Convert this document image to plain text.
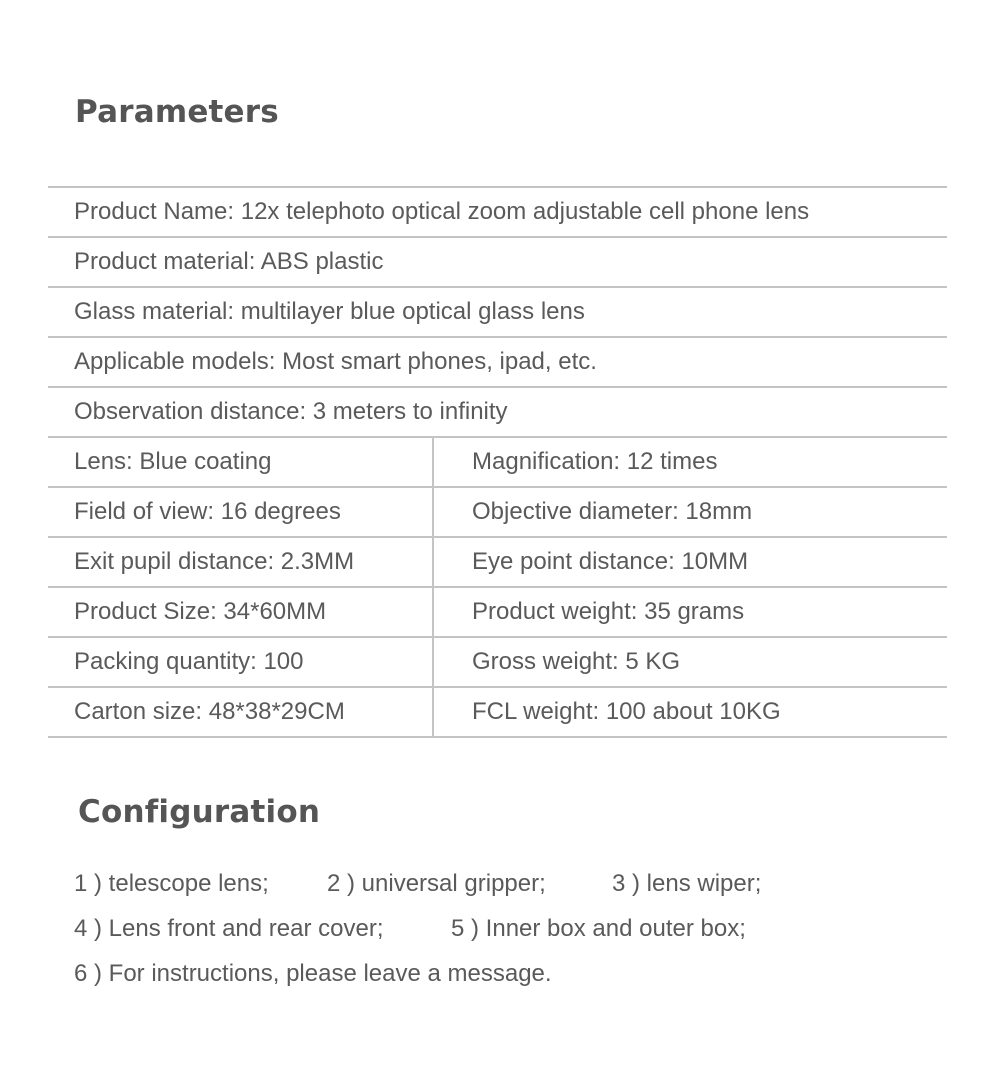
Parameters
Product Name: 12x telephoto optical zoom adjustable cell phone lens
Product material: ABS plastic
Glass material: multilayer blue optical glass lens
Applicable models: Most smart phones, ipad, etc.
Observation distance: 3 meters to infinity
Lens: Blue coating	Magnification: 12 times
Field of view: 16 degrees	Objective diameter: 18mm
Exit pupil distance: 2.3MM	Eye point distance: 10MM
Product Size: 34*60MM	Product weight: 35 grams
Packing quantity: 100	Gross weight: 5 KG
Carton size: 48*38*29CM	FCL weight: 100 about 10KG
Configuration
1 ) telescope lens; 2 ) universal gripper;	3 ) lens wiper;
4 ) Lens front and rear cover;	5 ) Inner box and outer box;
6 ) For instructions, please leave a message.
